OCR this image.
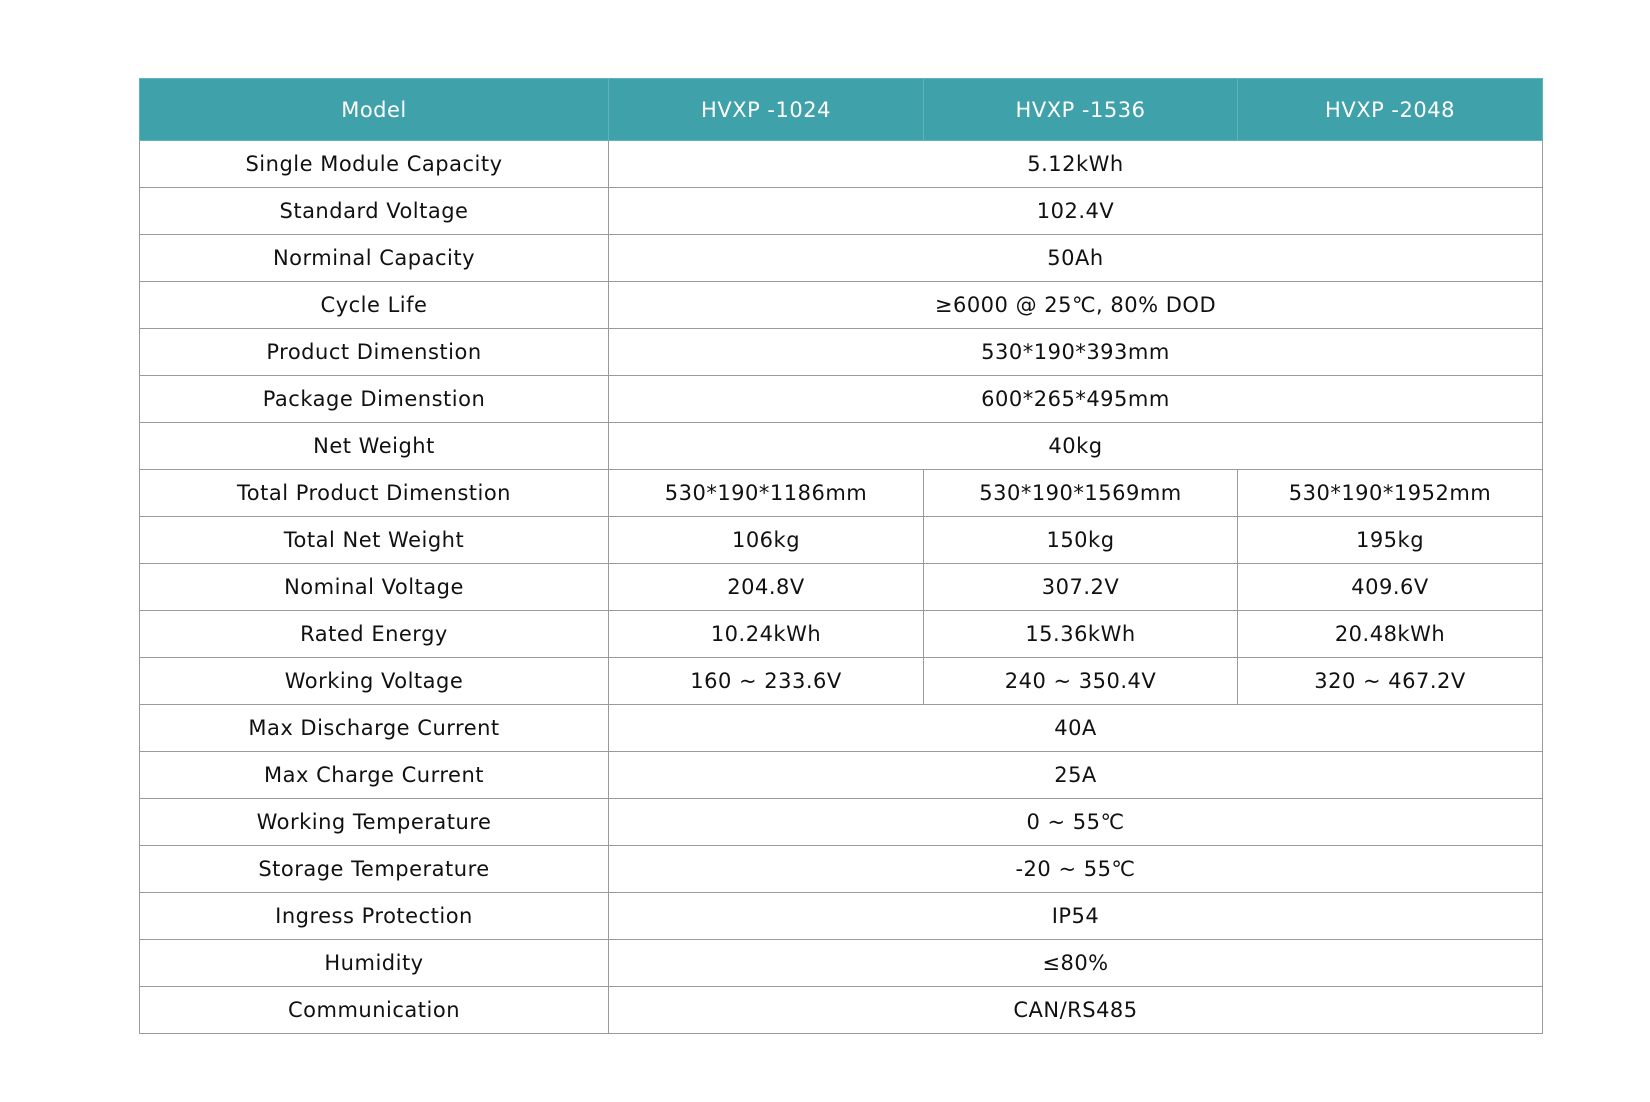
Model	HVXP -1024	HVXP -1536	HVXP -2048
Single Module Capacity	5.12kWh		
Standard Voltage	102.4V		
Norminal Capacity	50Ah		
Cycle Life	≥6000 @ 25℃, 80% DOD		
Product Dimenstion	530*190*393mm		
Package Dimenstion	600*265*495mm		
Net Weight	40kg		
Total Product Dimenstion	530*190*1186mm	530*190*1569mm	530*190*1952mm
Total Net Weight	106kg	150kg	195kg
Nominal Voltage	204.8V	307.2V	409.6V
Rated Energy	10.24kWh	15.36kWh	20.48kWh
Working Voltage	160 ~ 233.6V	240 ~ 350.4V	320 ~ 467.2V
Max Discharge Current	40A		
Max Charge Current	25A		
Working Temperature	0 ~ 55℃		
Storage Temperature	-20 ~ 55℃		
Ingress Protection	IP54		
Humidity	≤80%		
Communication	CAN/RS485		
